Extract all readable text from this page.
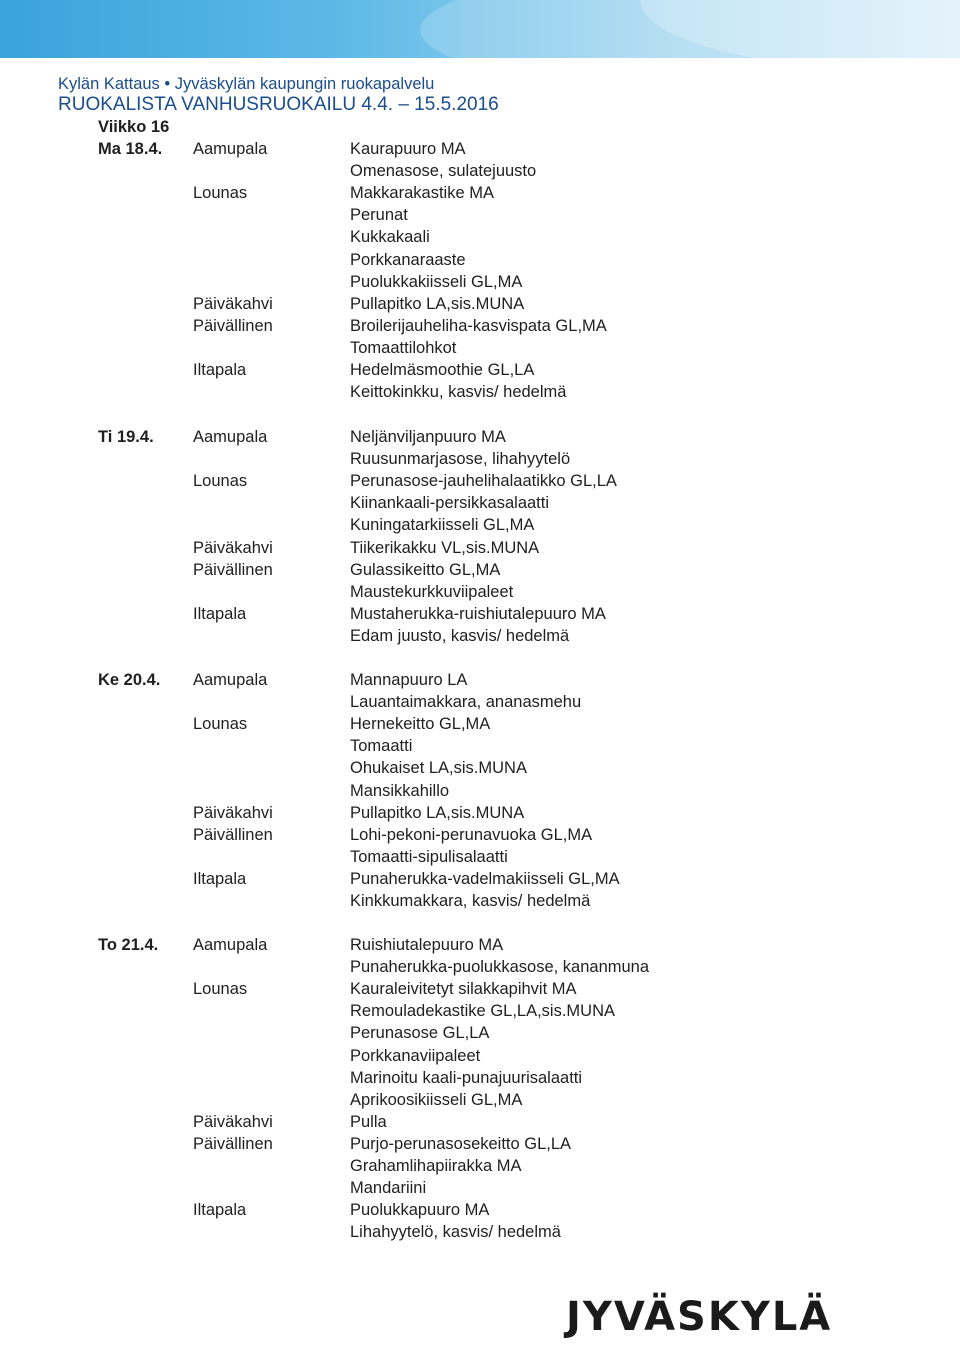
Kylän Kattaus • Jyväskylän kaupungin ruokapalvelu
RUOKALISTA VANHUSRUOKAILU 4.4. – 15.5.2016
Viikko 16
Ma 18.4. Aamupala	Kaurapuuro MA
Omenasose, sulatejuusto
Lounas	Makkarakastike MA
Perunat
Kukkakaali
Porkkanaraaste
Puolukkakiisseli GL,MA
Päiväkahvi	Pullapitko LA,sis.MUNA
Päivällinen	Broilerijauheliha-kasvispata GL,MA
Tomaattilohkot
Iltapala	Hedelmäsmoothie GL,LA
Keittokinkku, kasvis/ hedelmä
Ti 19.4. Aamupala	Neljänviljanpuuro MA
Ruusunmarjasose, lihahyytelö
Lounas	Perunasose-jauhelihalaatikko GL,LA
Kiinankaali-persikkasalaatti
Kuningatarkiisseli GL,MA
Päiväkahvi	Tiikerikakku VL,sis.MUNA
Päivällinen	Gulassikeitto GL,MA
Maustekurkkuviipaleet
Iltapala	Mustaherukka-ruishiutalepuuro MA
Edam juusto, kasvis/ hedelmä
Ke 20.4. Aamupala	Mannapuuro LA
Lauantaimakkara, ananasmehu
Lounas	Hernekeitto GL,MA
Tomaatti
Ohukaiset LA,sis.MUNA
Mansikkahillo
Päiväkahvi	Pullapitko LA,sis.MUNA
Päivällinen	Lohi-pekoni-perunavuoka GL,MA
Tomaatti-sipulisalaatti
Iltapala	Punaherukka-vadelmakiisseli GL,MA
Kinkkumakkara, kasvis/ hedelmä
To 21.4. Aamupala	Ruishiutalepuuro MA
Punaherukka-puolukkasose, kananmuna
Lounas	Kauraleivitetyt silakkapihvit MA
Remouladekastike GL,LA,sis.MUNA
Perunasose GL,LA
Porkkanaviipaleet
Marinoitu kaali-punajuurisalaatti
Aprikoosikiisseli GL,MA
Päiväkahvi	Pulla
Päivällinen	Purjo-perunasosekeitto GL,LA
Grahamlihapiirakka MA
Mandariini
Iltapala	Puolukkapuuro MA
Lihahyytelö, kasvis/ hedelmä
JYVÄSKYLÄ
